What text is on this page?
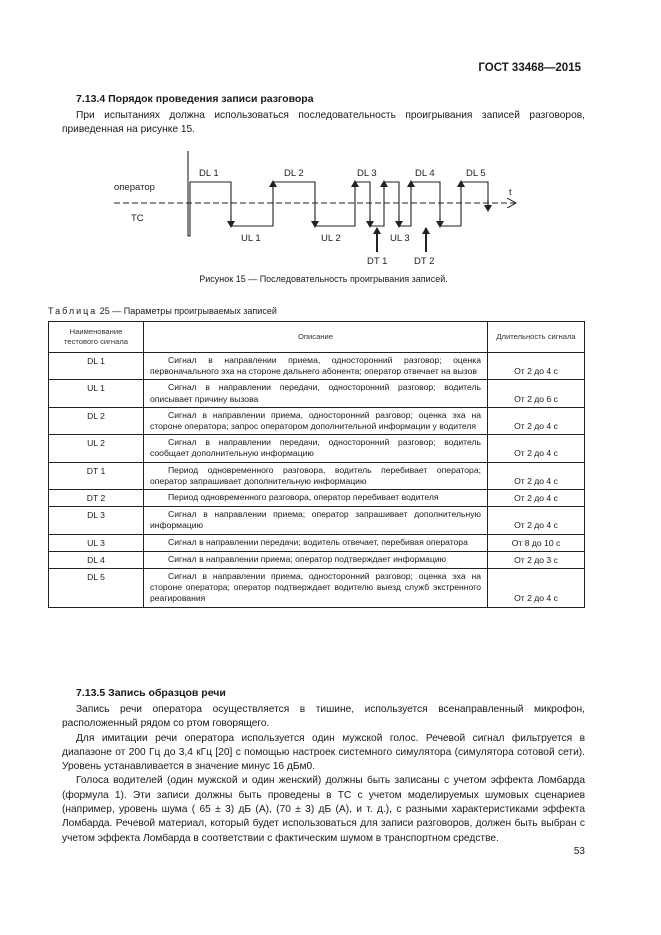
ГОСТ 33468—2015
7.13.4 Порядок проведения записи разговора

При испытаниях должна использоваться последовательность проигрывания записей разговоров, приведенная на рисунке 15.

оператор
ТС
t
DL 1	DL 2	DL 3	DL 4	DL 5
UL 1	UL 2	UL 3
DT 1	DT 2
Рисунок 15 — Последовательность проигрывания записей.
Таблица 25 — Параметры проигрываемых записей
Наименование тестового сигнала	Описание	Длительность сигнала
DL 1	Сигнал в направлении приема, односторонний разговор; оценка первоначального эха на стороне дальнего абонента; оператор отвечает на вызов	От 2 до 4 с
UL 1	Сигнал в направлении передачи, односторонний разговор; водитель описывает причину вызова	От 2 до 6 с
DL 2	Сигнал в направлении приема, односторонний разговор; оценка эха на стороне оператора; запрос оператором дополнительной информации у водителя	От 2 до 4 с
UL 2	Сигнал в направлении передачи, односторонний разговор; водитель сообщает дополнительную информацию	От 2 до 4 с
DT 1	Период одновременного разговора, водитель перебивает оператора; оператор запрашивает дополнительную информацию	От 2 до 4 с
DT 2	Период одновременного разговора, оператор перебивает водителя	От 2 до 4 с
DL 3	Сигнал в направлении приема; оператор запрашивает дополнительную информацию	От 2 до 4 с
UL 3	Сигнал в направлении передачи; водитель отвечает, перебивая оператора	От 8 до 10 с
DL 4	Сигнал в направлении приема; оператор подтверждает информацию	От 2 до 3 с
DL 5	Сигнал в направлении приема, односторонний разговор; оценка эха на стороне оператора; оператор подтверждает водителю выезд служб экстренного реагирования	От 2 до 4 с
7.13.5 Запись образцов речи

Запись речи оператора осуществляется в тишине, используется всенаправленный микрофон, расположенный рядом со ртом говорящего.

Для имитации речи оператора используется один мужской голос. Речевой сигнал фильтруется в диапазоне от 200 Гц до 3,4 кГц [20] с помощью настроек системного симулятора (симулятора сотовой сети). Уровень устанавливается в значение минус 16 дБм0.

Голоса водителей (один мужской и один женский) должны быть записаны с учетом эффекта Ломбарда (формула 1). Эти записи должны быть проведены в ТС с учетом моделируемых шумовых сценариев (например, уровень шума ( 65 ± 3) дБ (A), (70 ± 3) дБ (A), и т. д.), с разными характеристиками эффекта Ломбарда. Речевой материал, который будет использоваться для записи разговоров, должен быть выбран с учетом эффекта Ломбарда в соответствии с фактическим шумом в транспортном средстве.

53
